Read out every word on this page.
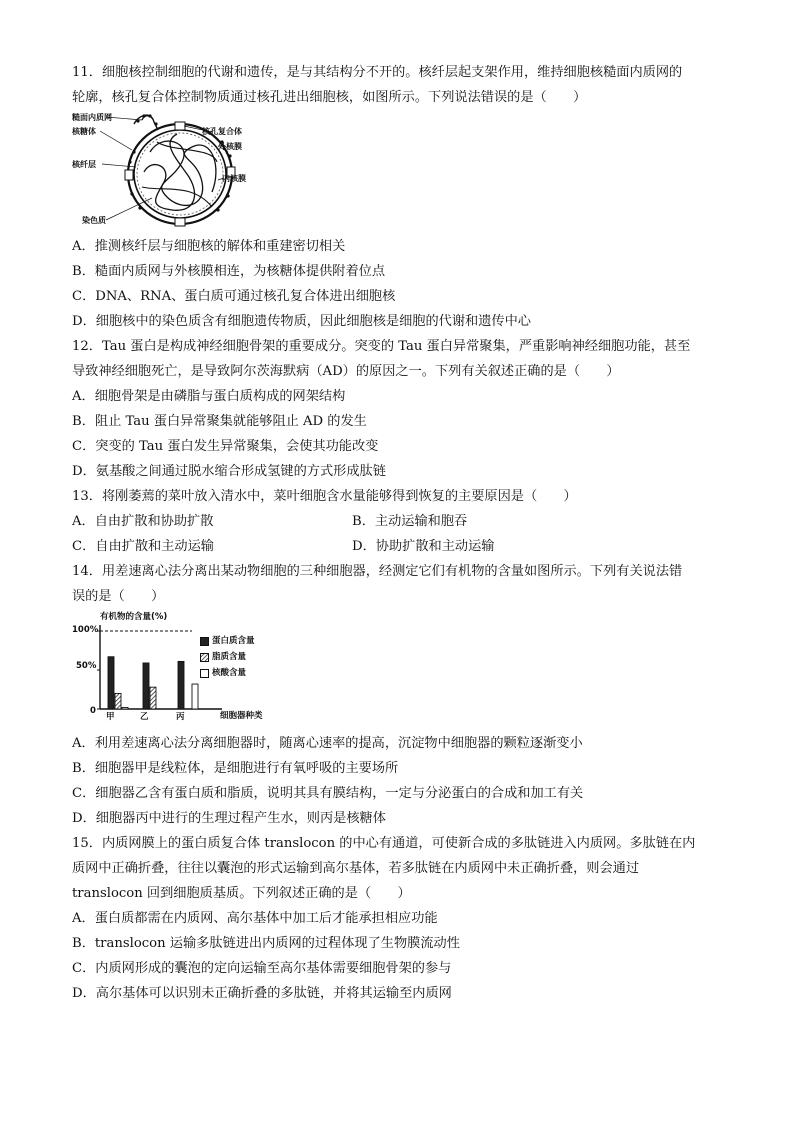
11．细胞核控制细胞的代谢和遗传，是与其结构分不开的。核纤层起支架作用，维持细胞核糙面内质网的

轮廓，核孔复合体控制物质通过核孔进出细胞核，如图所示。下列说法错误的是（　　）

糙面内质网
核糖体
核纤层
染色质
核孔复合体
外核膜
内核膜

A．推测核纤层与细胞核的解体和重建密切相关

B．糙面内质网与外核膜相连，为核糖体提供附着位点

C．DNA、RNA、蛋白质可通过核孔复合体进出细胞核

D．细胞核中的染色质含有细胞遗传物质，因此细胞核是细胞的代谢和遗传中心

12．Tau 蛋白是构成神经细胞骨架的重要成分。突变的 Tau 蛋白异常聚集，严重影响神经细胞功能，甚至

导致神经细胞死亡，是导致阿尔茨海默病（AD）的原因之一。下列有关叙述正确的是（　　）

A．细胞骨架是由磷脂与蛋白质构成的网架结构

B．阻止 Tau 蛋白异常聚集就能够阻止 AD 的发生

C．突变的 Tau 蛋白发生异常聚集，会使其功能改变

D．氨基酸之间通过脱水缩合形成氢键的方式形成肽链

13．将刚萎蔫的菜叶放入清水中，菜叶细胞含水量能够得到恢复的主要原因是（　　）

A．自由扩散和协助扩散	B．主动运输和胞吞

C．自由扩散和主动运输	D．协助扩散和主动运输

14．用差速离心法分离出某动物细胞的三种细胞器，经测定它们有机物的含量如图所示。下列有关说法错

误的是（　　）

有机物的含量(%)
细胞器种类
0
50%
100%
甲	乙	丙
蛋白质含量
脂质含量
核酸含量

A．利用差速离心法分离细胞器时，随离心速率的提高，沉淀物中细胞器的颗粒逐渐变小

B．细胞器甲是线粒体，是细胞进行有氧呼吸的主要场所

C．细胞器乙含有蛋白质和脂质，说明其具有膜结构，一定与分泌蛋白的合成和加工有关

D．细胞器丙中进行的生理过程产生水，则丙是核糖体

15．内质网膜上的蛋白质复合体 translocon 的中心有通道，可使新合成的多肽链进入内质网。多肽链在内

质网中正确折叠，往往以囊泡的形式运输到高尔基体，若多肽链在内质网中未正确折叠，则会通过

translocon 回到细胞质基质。下列叙述正确的是（　　）

A．蛋白质都需在内质网、高尔基体中加工后才能承担相应功能

B．translocon 运输多肽链进出内质网的过程体现了生物膜流动性

C．内质网形成的囊泡的定向运输至高尔基体需要细胞骨架的参与

D．高尔基体可以识别未正确折叠的多肽链，并将其运输至内质网
